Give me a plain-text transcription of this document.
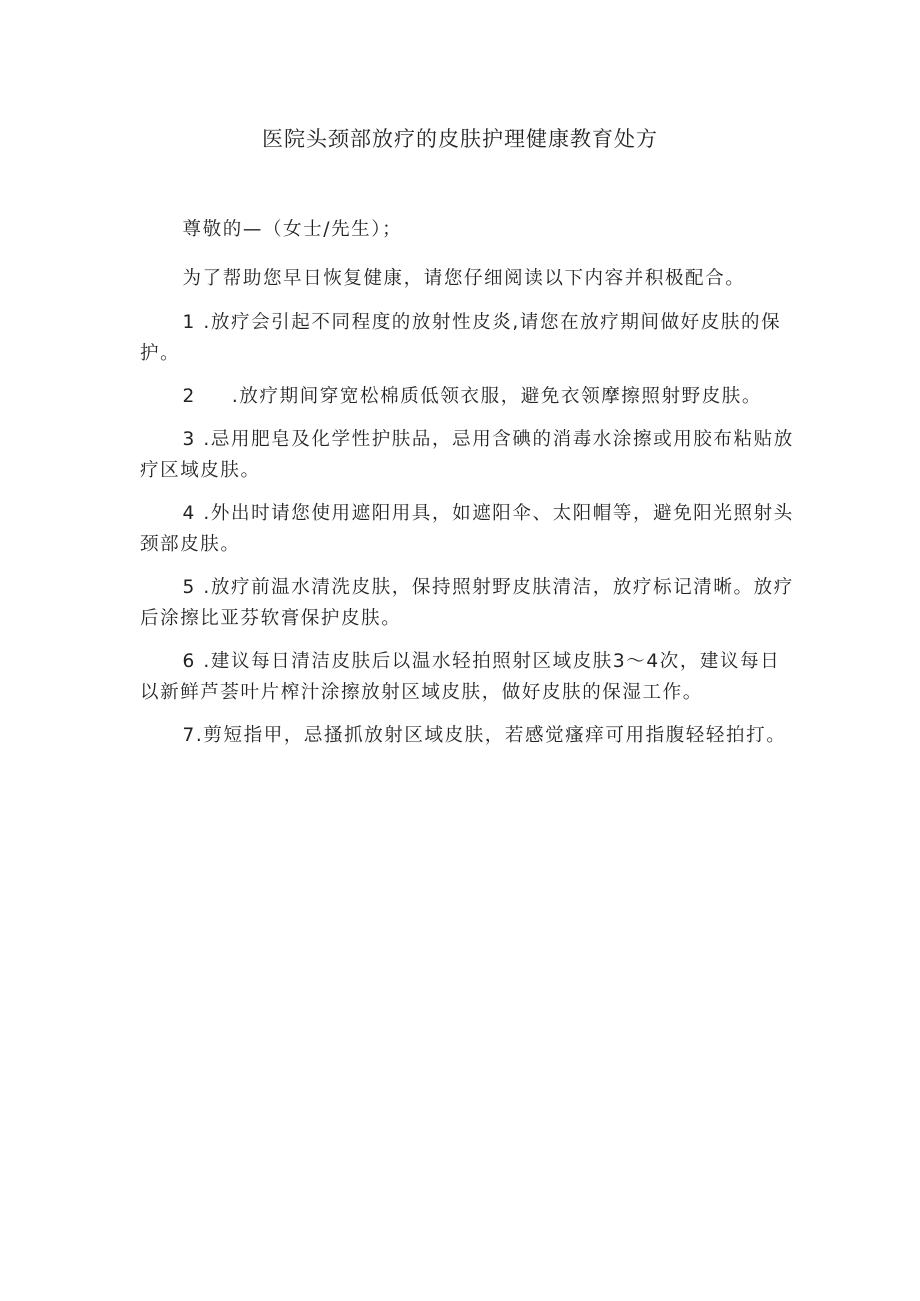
医院头颈部放疗的皮肤护理健康教育处方

尊敬的—（女士/先生）；

为了帮助您早日恢复健康，请您仔细阅读以下内容并积极配合。

1 .放疗会引起不同程度的放射性皮炎,请您在放疗期间做好皮肤的保护。

2 .放疗期间穿宽松棉质低领衣服，避免衣领摩擦照射野皮肤。

3 .忌用肥皂及化学性护肤品，忌用含碘的消毒水涂擦或用胶布粘贴放疗区域皮肤。

4 .外出时请您使用遮阳用具，如遮阳伞、太阳帽等，避免阳光照射头颈部皮肤。

5 .放疗前温水清洗皮肤，保持照射野皮肤清洁，放疗标记清晰。放疗后涂擦比亚芬软膏保护皮肤。

6 .建议每日清洁皮肤后以温水轻拍照射区域皮肤3～4次，建议每日以新鲜芦荟叶片榨汁涂擦放射区域皮肤，做好皮肤的保湿工作。

7.剪短指甲，忌搔抓放射区域皮肤，若感觉瘙痒可用指腹轻轻拍打。
